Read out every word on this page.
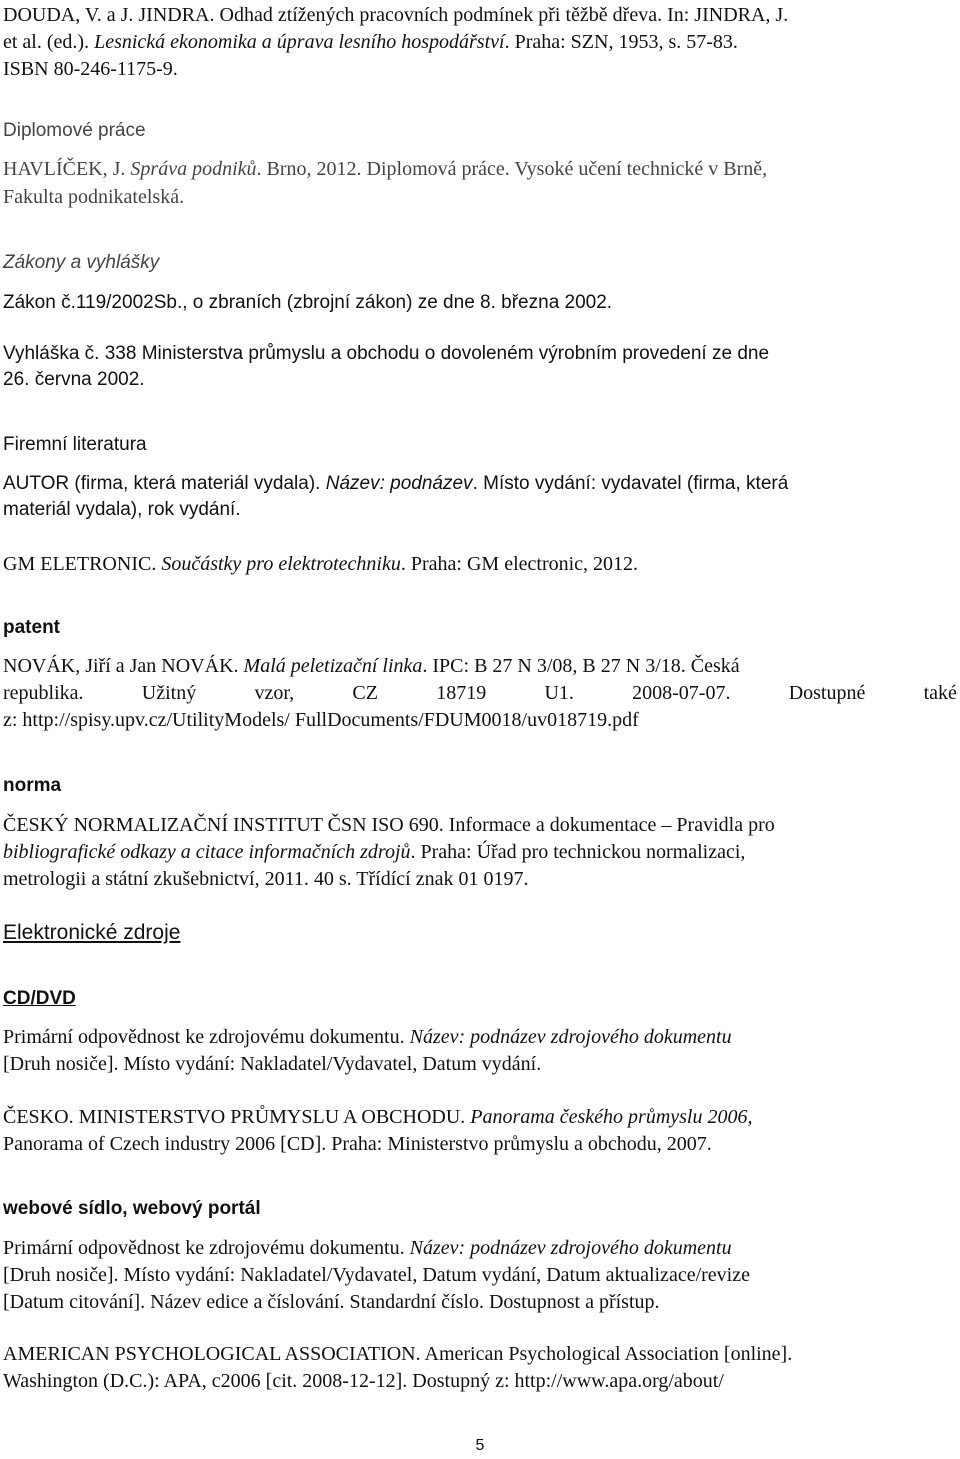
DOUDA, V. a J. JINDRA. Odhad ztížených pracovních podmínek při těžbě dřeva. In: JINDRA, J.
et al. (ed.). Lesnická ekonomika a úprava lesního hospodářství. Praha: SZN, 1953, s. 57-83.
ISBN 80-246-1175-9.
Diplomové práce
HAVLÍČEK, J. Správa podniků. Brno, 2012. Diplomová práce. Vysoké učení technické v Brně,
Fakulta podnikatelská.
Zákony a vyhlášky
Zákon č.119/2002Sb., o zbraních (zbrojní zákon) ze dne 8. března 2002.
Vyhláška č. 338 Ministerstva průmyslu a obchodu o dovoleném výrobním provedení ze dne
26. června 2002.
Firemní literatura
AUTOR (firma, která materiál vydala). Název: podnázev. Místo vydání: vydavatel (firma, která
materiál vydala), rok vydání.
GM ELETRONIC. Součástky pro elektrotechniku. Praha: GM electronic, 2012.
patent
NOVÁK, Jiří a Jan NOVÁK. Malá peletizační linka. IPC: B 27 N 3/08, B 27 N 3/18. Česká
republika.	Užitný	vzor,	CZ	18719	U1.	2008-07-07.	Dostupné	také
z: http://spisy.upv.cz/UtilityModels/ FullDocuments/FDUM0018/uv018719.pdf
norma
ČESKÝ NORMALIZAČNÍ INSTITUT ČSN ISO 690. Informace a dokumentace – Pravidla pro
bibliografické odkazy a citace informačních zdrojů. Praha: Úřad pro technickou normalizaci,
metrologii a státní zkušebnictví, 2011. 40 s. Třídící znak 01 0197.
Elektronické zdroje
CD/DVD
Primární odpovědnost ke zdrojovému dokumentu. Název: podnázev zdrojového dokumentu
[Druh nosiče]. Místo vydání: Nakladatel/Vydavatel, Datum vydání.
ČESKO. MINISTERSTVO PRŮMYSLU A OBCHODU. Panorama českého průmyslu 2006,
Panorama of Czech industry 2006 [CD]. Praha: Ministerstvo průmyslu a obchodu, 2007.
webové sídlo, webový portál
Primární odpovědnost ke zdrojovému dokumentu. Název: podnázev zdrojového dokumentu
[Druh nosiče]. Místo vydání: Nakladatel/Vydavatel, Datum vydání, Datum aktualizace/revize
[Datum citování]. Název edice a číslování. Standardní číslo. Dostupnost a přístup.
AMERICAN PSYCHOLOGICAL ASSOCIATION. American Psychological Association [online].
Washington (D.C.): APA, c2006 [cit. 2008-12-12]. Dostupný z: http://www.apa.org/about/
5
